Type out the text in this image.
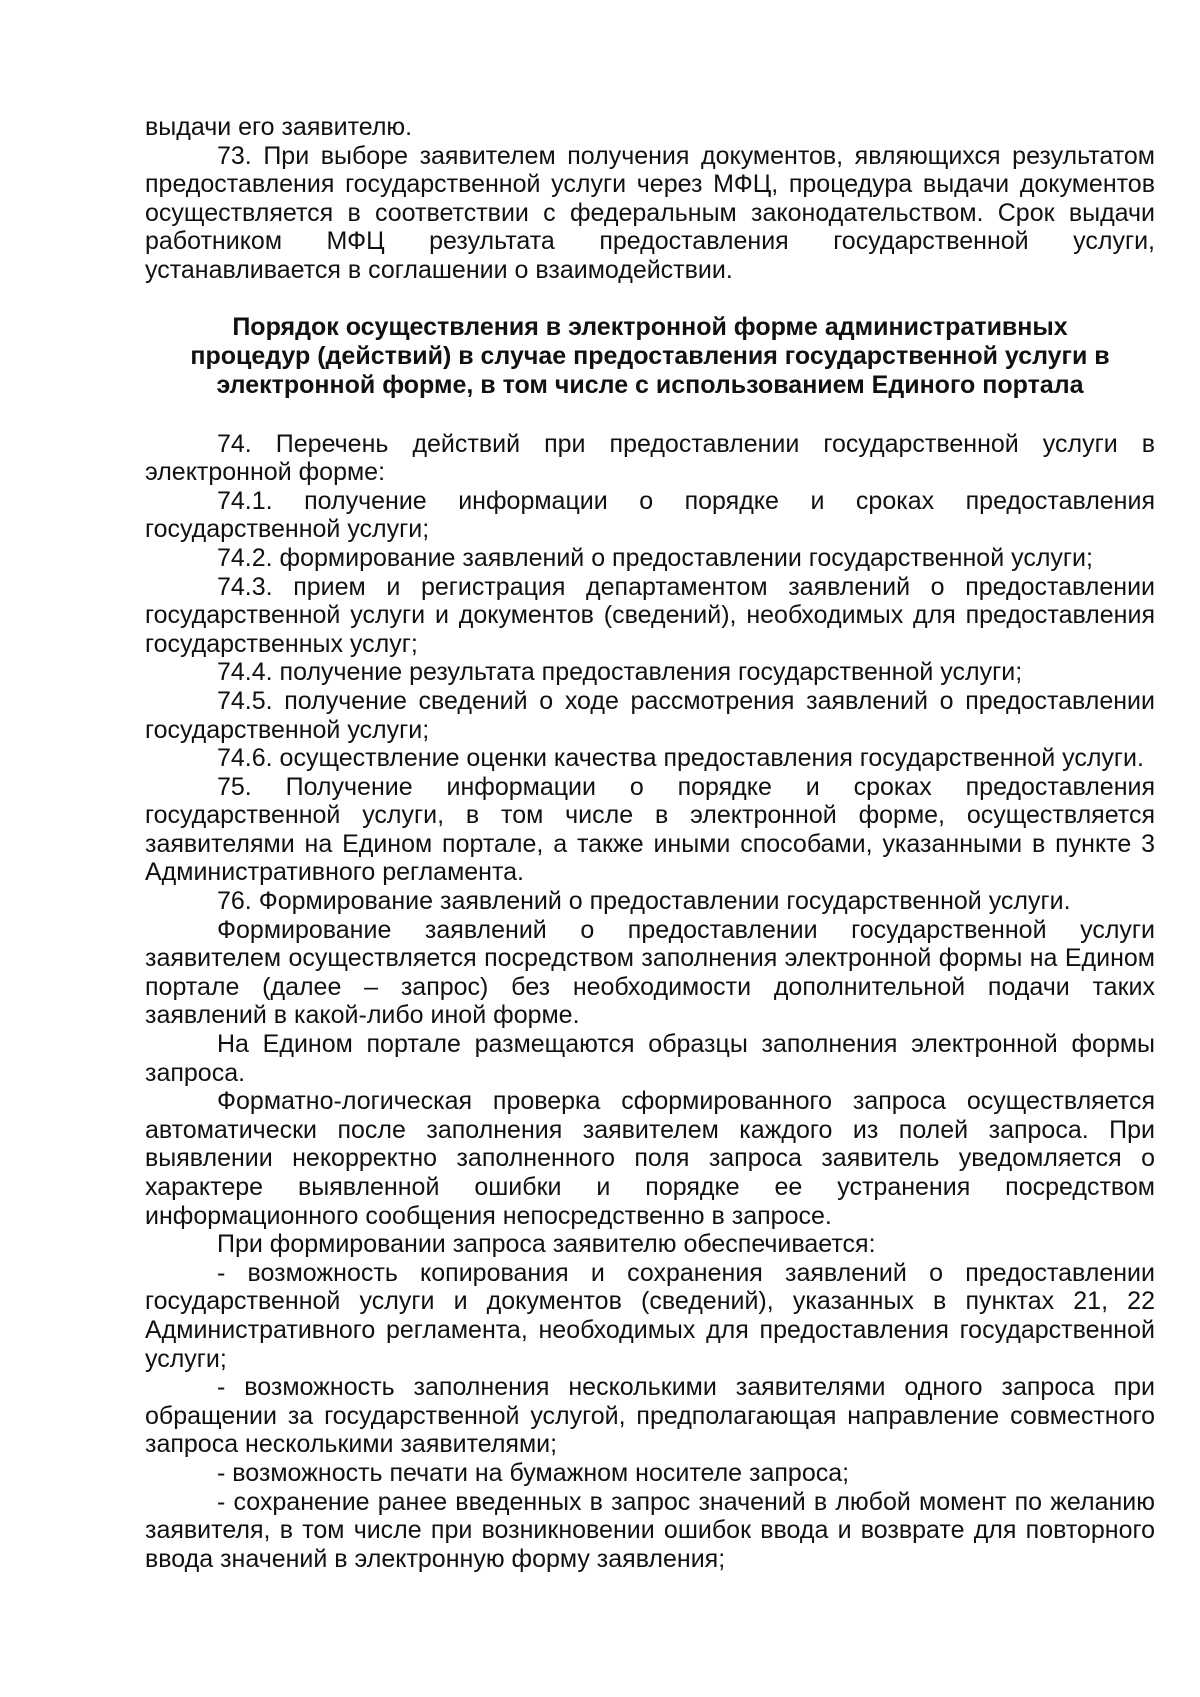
выдачи его заявителю.

73. При выборе заявителем получения документов, являющихся результатом предоставления государственной услуги через МФЦ, процедура выдачи документов осуществляется в соответствии с федеральным законодательством. Срок выдачи работником МФЦ результата предоставления государственной услуги, устанавливается в соглашении о взаимодействии.

Порядок осуществления в электронной форме административных
процедур (действий) в случае предоставления государственной услуги в
электронной форме, в том числе с использованием Единого портала

74. Перечень действий при предоставлении государственной услуги в электронной форме:

74.1. получение информации о порядке и сроках предоставления государственной услуги;

74.2. формирование заявлений о предоставлении государственной услуги;

74.3. прием и регистрация департаментом заявлений о предоставлении государственной услуги и документов (сведений), необходимых для предоставления государственных услуг;

74.4. получение результата предоставления государственной услуги;

74.5. получение сведений о ходе рассмотрения заявлений о предоставлении государственной услуги;

74.6. осуществление оценки качества предоставления государственной услуги.

75. Получение информации о порядке и сроках предоставления государственной услуги, в том числе в электронной форме, осуществляется заявителями на Едином портале, а также иными способами, указанными в пункте 3 Административного регламента.

76. Формирование заявлений о предоставлении государственной услуги.

Формирование заявлений о предоставлении государственной услуги заявителем осуществляется посредством заполнения электронной формы на Едином портале (далее – запрос) без необходимости дополнительной подачи таких заявлений в какой-либо иной форме.

На Едином портале размещаются образцы заполнения электронной формы запроса.

Форматно-логическая проверка сформированного запроса осуществляется автоматически после заполнения заявителем каждого из полей запроса. При выявлении некорректно заполненного поля запроса заявитель уведомляется о характере выявленной ошибки и порядке ее устранения посредством информационного сообщения непосредственно в запросе.

При формировании запроса заявителю обеспечивается:

- возможность копирования и сохранения заявлений о предоставлении государственной услуги и документов (сведений), указанных в пунктах 21, 22 Административного регламента, необходимых для предоставления государственной услуги;

- возможность заполнения несколькими заявителями одного запроса при обращении за государственной услугой, предполагающая направление совместного запроса несколькими заявителями;

- возможность печати на бумажном носителе запроса;

- сохранение ранее введенных в запрос значений в любой момент по желанию заявителя, в том числе при возникновении ошибок ввода и возврате для повторного ввода значений в электронную форму заявления;
